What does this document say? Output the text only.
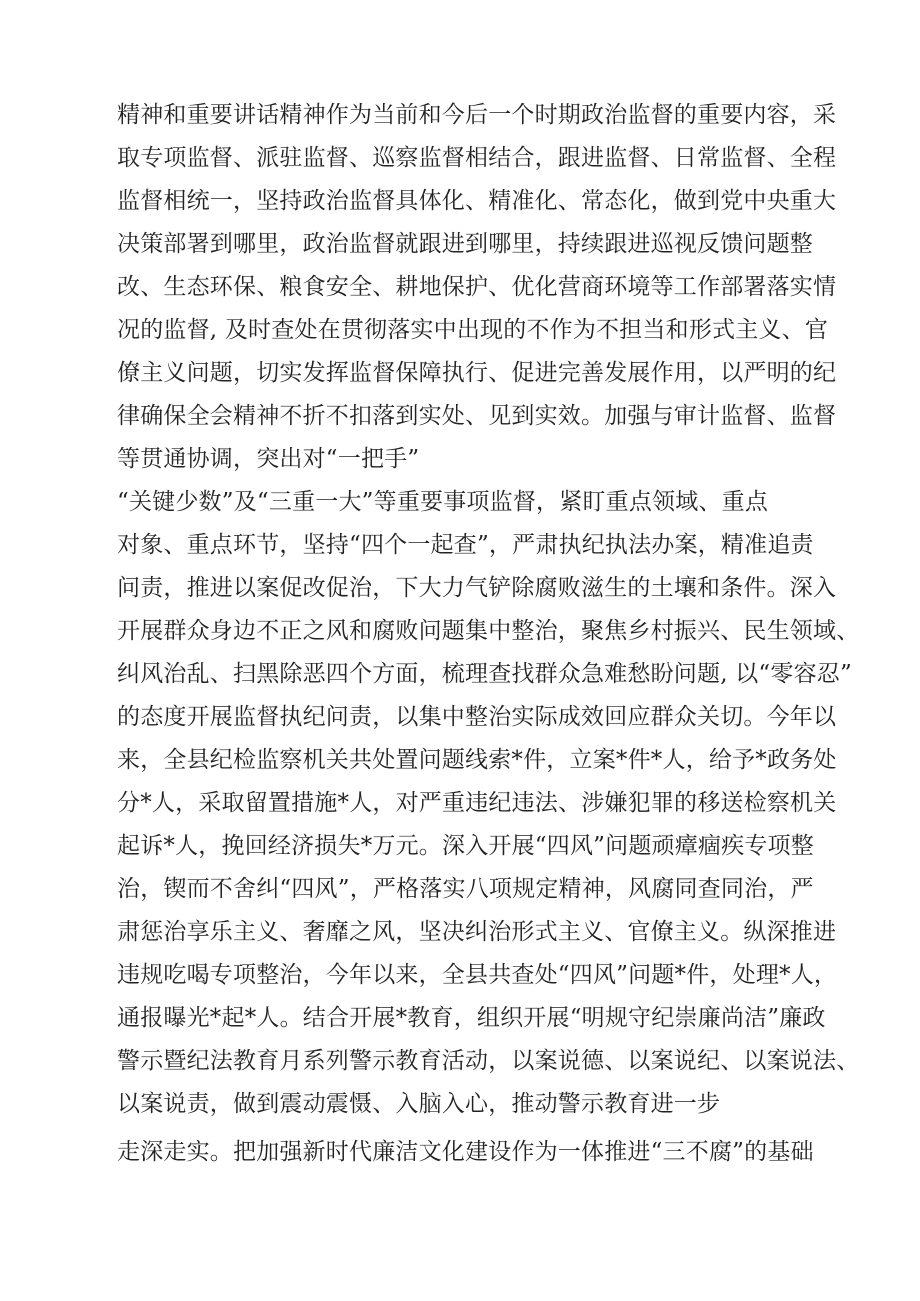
精神和重要讲话精神作为当前和今后一个时期政治监督的重要内容，采
取专项监督、派驻监督、巡察监督相结合，跟进监督、日常监督、全程
监督相统一，坚持政治监督具体化、精准化、常态化，做到党中央重大
决策部署到哪里，政治监督就跟进到哪里，持续跟进巡视反馈问题整
改、生态环保、粮食安全、耕地保护、优化营商环境等工作部署落实情
况的监督, 及时查处在贯彻落实中出现的不作为不担当和形式主义、官
僚主义问题，切实发挥监督保障执行、促进完善发展作用，以严明的纪
律确保全会精神不折不扣落到实处、见到实效。加强与审计监督、监督
等贯通协调，突出对“一把手”
“关键少数”及“三重一大”等重要事项监督，紧盯重点领域、重点
对象、重点环节，坚持“四个一起查”，严肃执纪执法办案，精准追责
问责，推进以案促改促治，下大力气铲除腐败滋生的土壤和条件。深入
开展群众身边不正之风和腐败问题集中整治，聚焦乡村振兴、民生领域、
纠风治乱、扫黑除恶四个方面，梳理查找群众急难愁盼问题, 以“零容忍”
的态度开展监督执纪问责，以集中整治实际成效回应群众关切。今年以
来，全县纪检监察机关共处置问题线索*件，立案*件*人，给予*政务处
分*人，采取留置措施*人，对严重违纪违法、涉嫌犯罪的移送检察机关
起诉*人，挽回经济损失*万元。深入开展“四风”问题顽瘴痼疾专项整
治，锲而不舍纠“四风”，严格落实八项规定精神，风腐同查同治，严
肃惩治享乐主义、奢靡之风，坚决纠治形式主义、官僚主义。纵深推进
违规吃喝专项整治，今年以来，全县共查处“四风”问题*件，处理*人，
通报曝光*起*人。结合开展*教育，组织开展“明规守纪崇廉尚洁”廉政
警示暨纪法教育月系列警示教育活动，以案说德、以案说纪、以案说法、
以案说责，做到震动震慑、入脑入心，推动警示教育进一步
走深走实。把加强新时代廉洁文化建设作为一体推进“三不腐”的基础
